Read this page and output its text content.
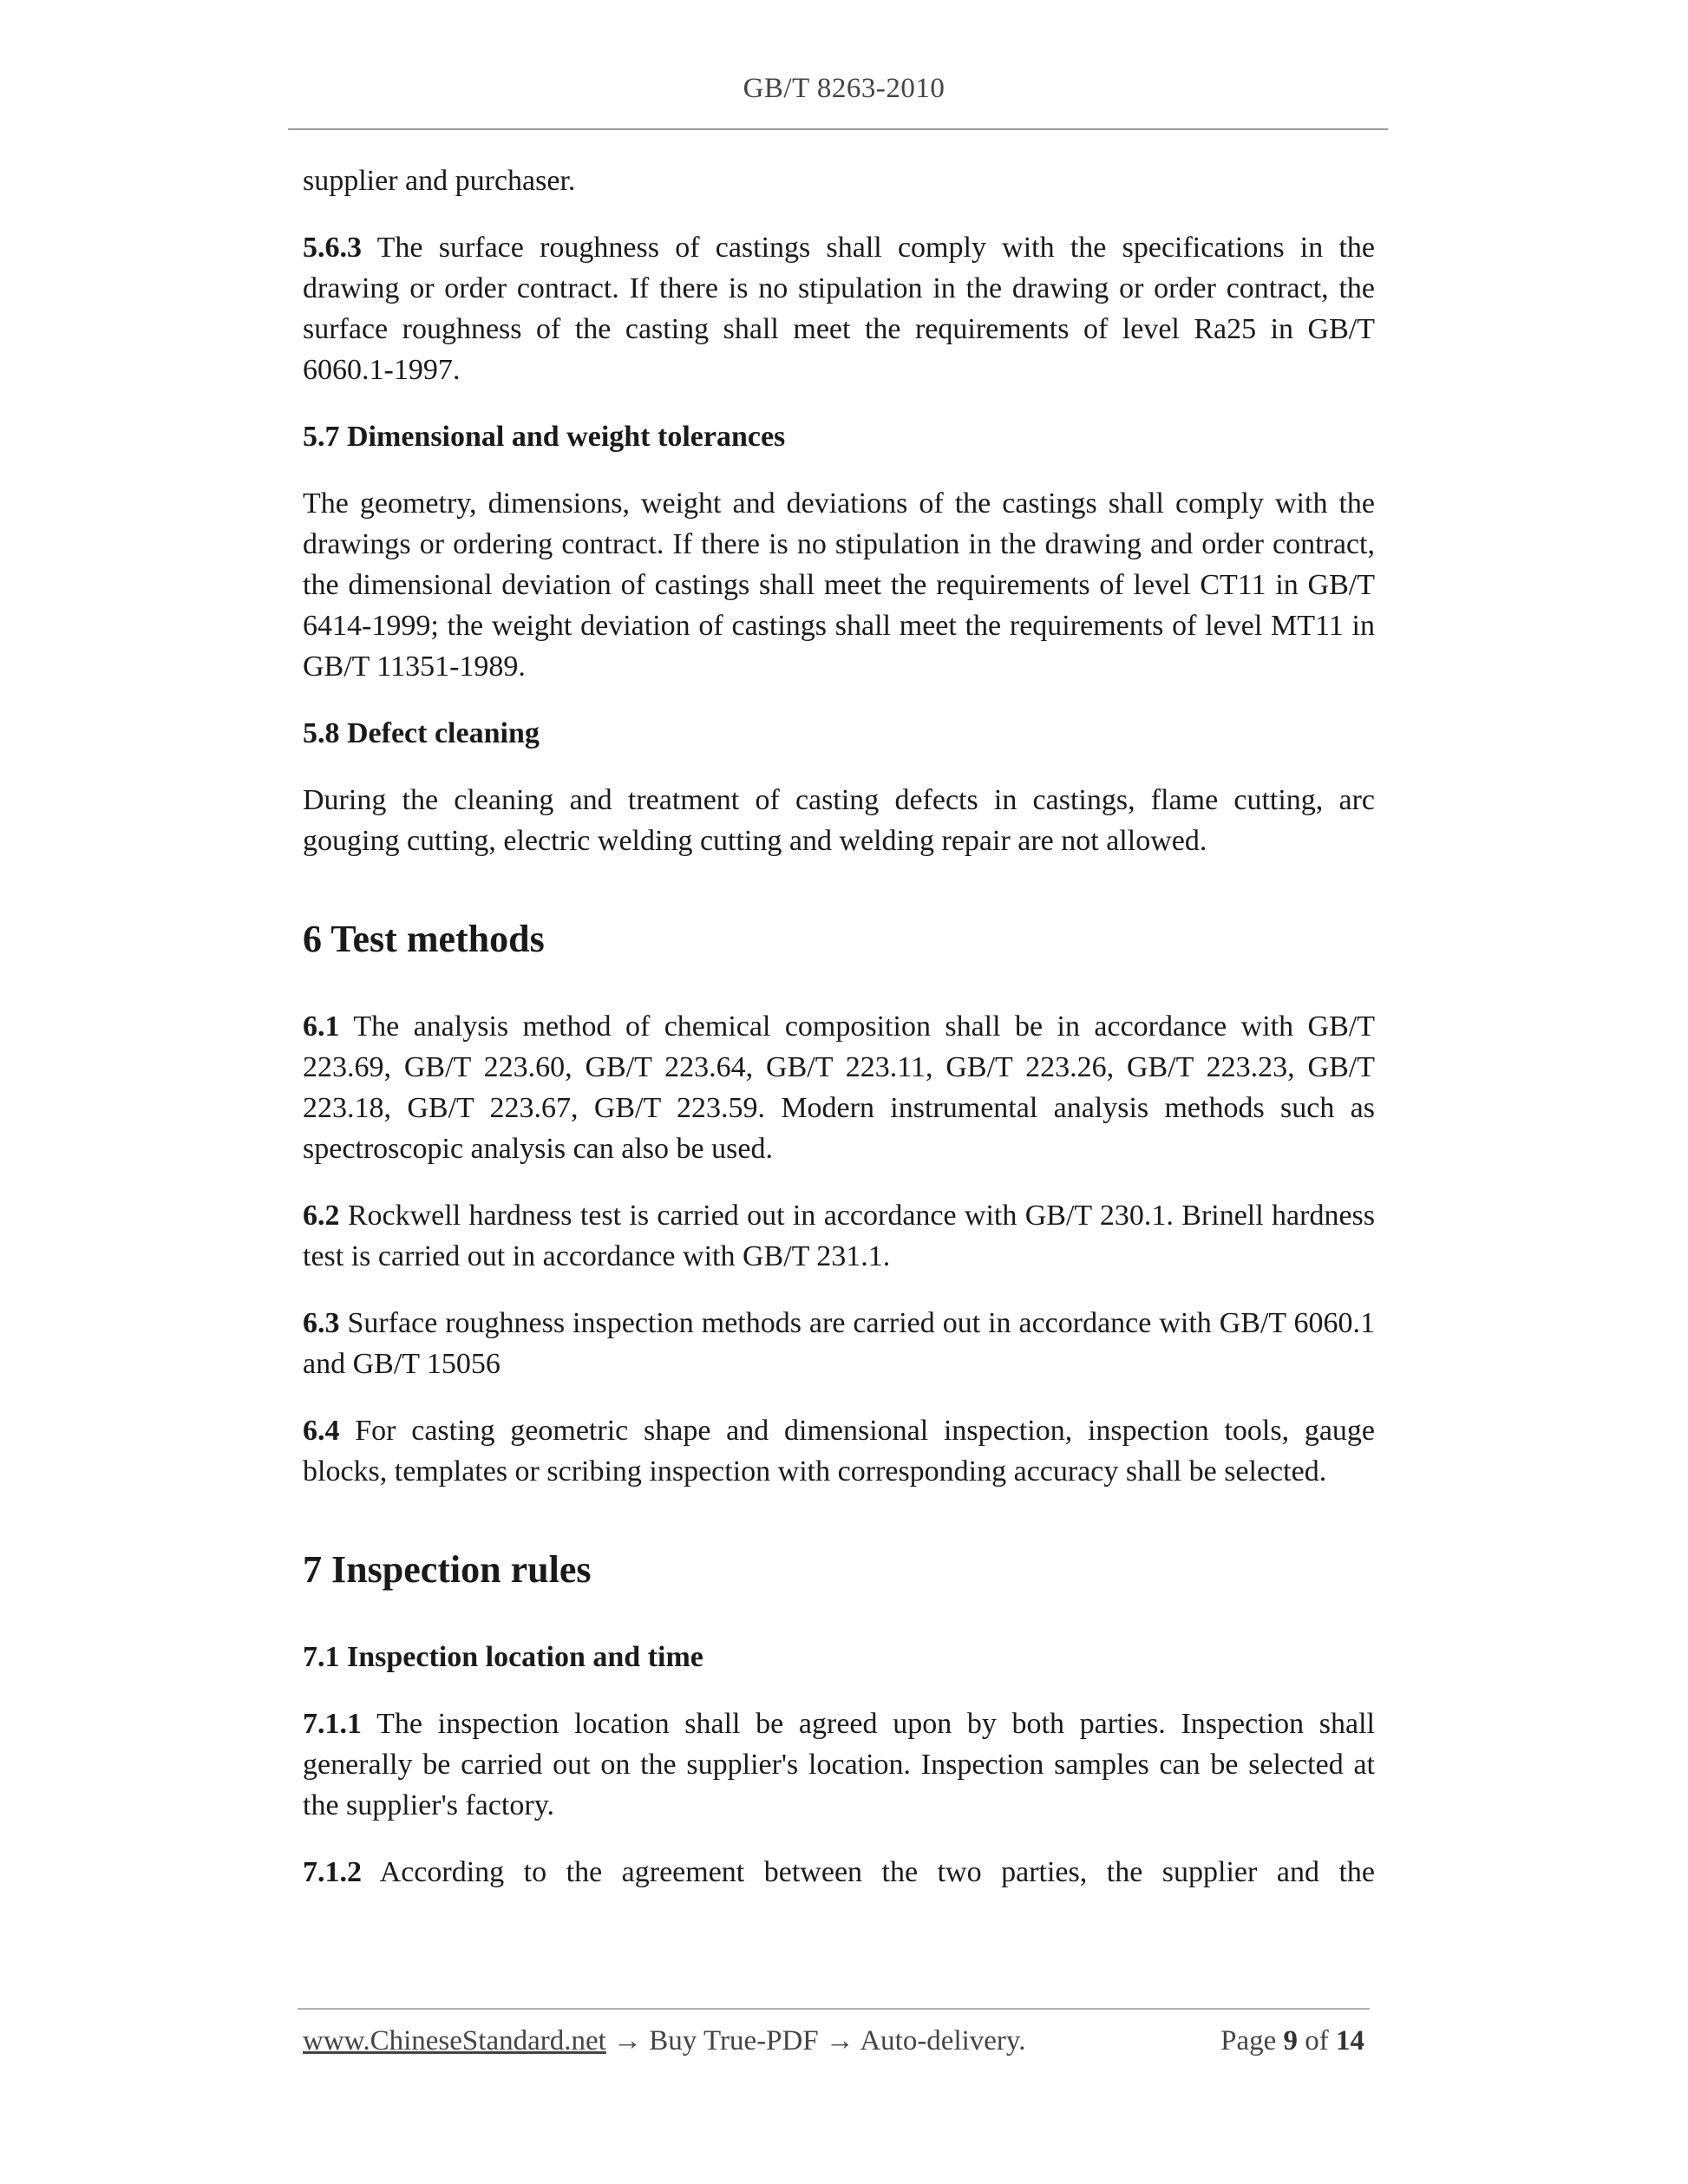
GB/T 8263-2010

supplier and purchaser.

5.6.3 The surface roughness of castings shall comply with the specifications in the drawing or order contract. If there is no stipulation in the drawing or order contract, the surface roughness of the casting shall meet the requirements of level Ra25 in GB/T 6060.1-1997.

5.7 Dimensional and weight tolerances

The geometry, dimensions, weight and deviations of the castings shall comply with the drawings or ordering contract. If there is no stipulation in the drawing and order contract, the dimensional deviation of castings shall meet the requirements of level CT11 in GB/T 6414-1999; the weight deviation of castings shall meet the requirements of level MT11 in GB/T 11351-1989.

5.8 Defect cleaning

During the cleaning and treatment of casting defects in castings, flame cutting, arc gouging cutting, electric welding cutting and welding repair are not allowed.

6 Test methods

6.1 The analysis method of chemical composition shall be in accordance with GB/T 223.69, GB/T 223.60, GB/T 223.64, GB/T 223.11, GB/T 223.26, GB/T 223.23, GB/T 223.18, GB/T 223.67, GB/T 223.59. Modern instrumental analysis methods such as spectroscopic analysis can also be used.

6.2 Rockwell hardness test is carried out in accordance with GB/T 230.1. Brinell hardness test is carried out in accordance with GB/T 231.1.

6.3 Surface roughness inspection methods are carried out in accordance with GB/T 6060.1 and GB/T 15056

6.4 For casting geometric shape and dimensional inspection, inspection tools, gauge blocks, templates or scribing inspection with corresponding accuracy shall be selected.

7 Inspection rules

7.1 Inspection location and time

7.1.1 The inspection location shall be agreed upon by both parties. Inspection shall generally be carried out on the supplier's location. Inspection samples can be selected at the supplier's factory.

7.1.2 According to the agreement between the two parties, the supplier and the

www.ChineseStandard.net → Buy True-PDF → Auto-delivery.	Page 9 of 14
